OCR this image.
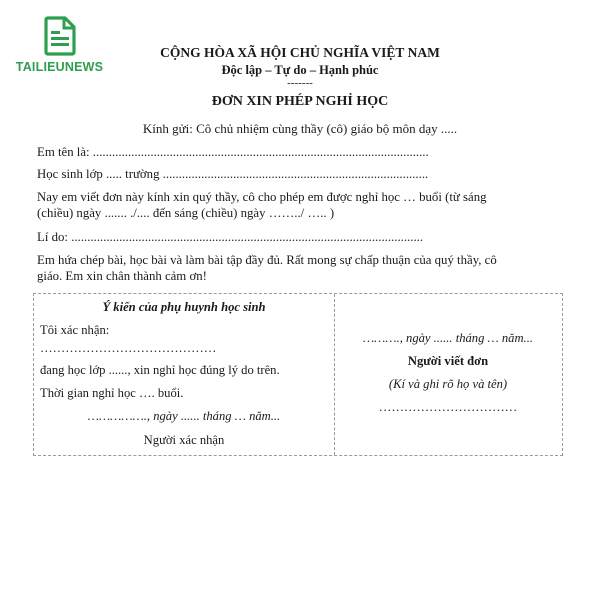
TAILIEUNEWS
CỘNG HÒA XÃ HỘI CHỦ NGHĨA VIỆT NAM
Độc lập – Tự do – Hạnh phúc
-------
ĐƠN XIN PHÉP NGHỈ HỌC
Kính gửi: Cô chủ nhiệm cùng thầy (cô) giáo bộ môn dạy .....
Em tên là: .........................................................................................................
Học sinh lớp ..... trường ...................................................................................
Nay em viết đơn này kính xin quý thầy, cô cho phép em được nghỉ học … buổi (từ sáng
(chiều) ngày ....... ./.... đến sáng (chiều) ngày ……../ ….. )
Lí do: ..............................................................................................................
Em hứa chép bài, học bài và làm bài tập đầy đủ. Rất mong sự chấp thuận của quý thầy, cô
giáo. Em xin chân thành cảm ơn!
Ý kiến của phụ huynh học sinh
Tôi xác nhận:
……………………………………
đang học lớp ......, xin nghỉ học đúng lý do trên.
Thời gian nghỉ học …. buổi.
……………., ngày ...... tháng … năm...
Người xác nhận
………., ngày ...... tháng … năm...
Người viết đơn
(Kí và ghi rõ họ và tên)
……………………………
